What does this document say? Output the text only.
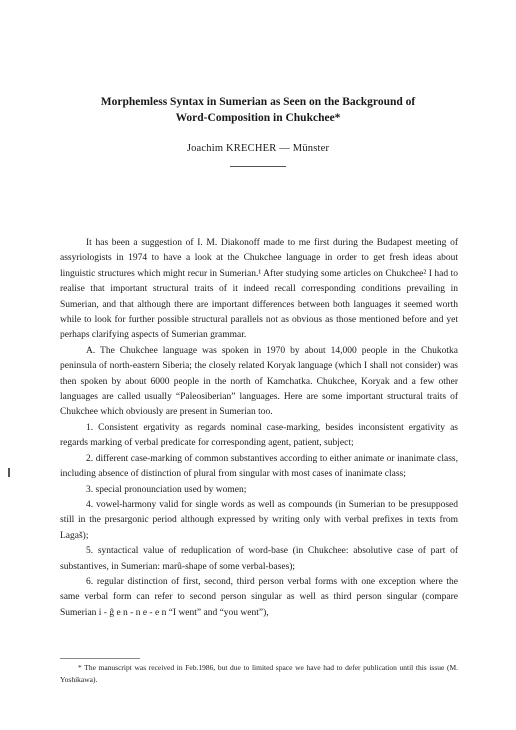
Morphemless Syntax in Sumerian as Seen on the Background of
Word-Composition in Chukchee*
Joachim KRECHER — Münster

It has been a suggestion of I. M. Diakonoff made to me first during the Budapest meeting of assyriologists in 1974 to have a look at the Chukchee language in order to get fresh ideas about linguistic structures which might recur in Sumerian.¹ After studying some articles on Chukchee² I had to realise that important structural traits of it indeed recall corresponding conditions prevailing in Sumerian, and that although there are important differences between both languages it seemed worth while to look for further possible structural parallels not as obvious as those mentioned before and yet perhaps clarifying aspects of Sumerian grammar.

A. The Chukchee language was spoken in 1970 by about 14,000 people in the Chukotka peninsula of north-eastern Siberia; the closely related Koryak language (which I shall not consider) was then spoken by about 6000 people in the north of Kamchatka. Chukchee, Koryak and a few other languages are called usually “Paleosiberian” languages. Here are some important structural traits of Chukchee which obviously are present in Sumerian too.

1. Consistent ergativity as regards nominal case-marking, besides inconsistent ergativity as regards marking of verbal predicate for corresponding agent, patient, subject;

2. different case-marking of common substantives according to either animate or inanimate class, including absence of distinction of plural from singular with most cases of inanimate class;

3. special pronounciation used by women;

4. vowel-harmony valid for single words as well as compounds (in Sumerian to be presupposed still in the presargonic period although expressed by writing only with verbal prefixes in texts from Lagaš);

5. syntactical value of reduplication of word-base (in Chukchee: absolutive case of part of substantives, in Sumerian: marû-shape of some verbal-bases);

6. regular distinction of first, second, third person verbal forms with one exception where the same verbal form can refer to second person singular as well as third person singular (compare Sumerian i - ĝ e n - n e - e n “I went” and “you went”),

* The manuscript was received in Feb.1986, but due to limited space we have had to defer publication until this issue (M. Yoshikawa).
